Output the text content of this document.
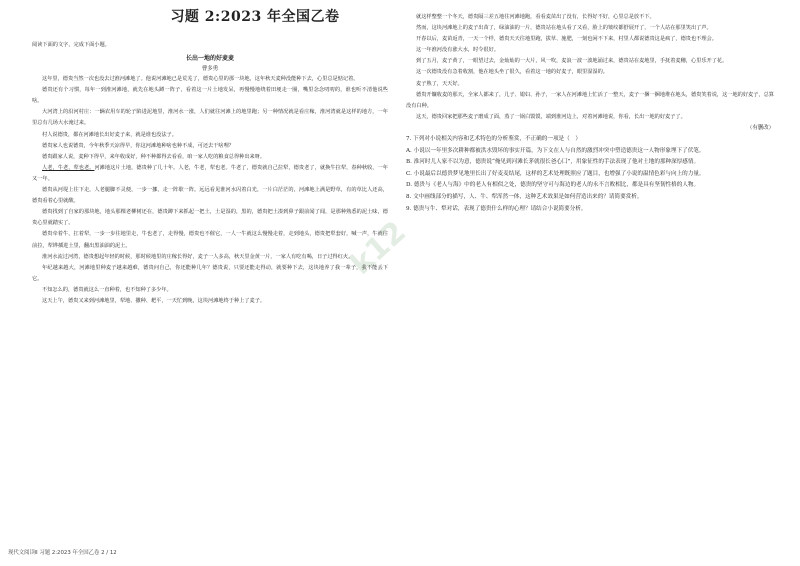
习题 2:2023 年全国乙卷

阅读下面的文字，完成下面小题。

长出一地的好麦麦
曹多勇

这年里，德贵当然一次也没去过淮河滩地了。他说河滩地已是荒芜了，德贵心里的那一块地，这年秋天麦种没能种下去，心里总是惦记着。

德贵还有个习惯，每年一到淮河滩地，就先在地头蹲一阵子，看着这一片土地发呆，再慢慢地绕着田埂走一圈，嘴里念念叨叨的，谁也听不清他说些啥。

大河湾上的沿河村庄：一辆农用车的轮子陷进泥地里，淮河水一涨，人们就往河滩上的地里跑；另一种情况就是看庄稼，淮河湾就是这样的地方，一年里总有几场大水淹过来。

村人说德贵，都在河滩地长出好麦子来，就是谁也没法子。

德贵家人也说德贵，今年秋季天凉得早，你这河滩地种啥也种不成，可还去干啥哩？

德贵跟家人说，麦种下得早，来年收成好，种不种都得去看看，咱一家人吃的粮食总得种出来呀。

人老，牛老，犁也老。河滩地这片土地，德贵种了几十年。人老，牛老，犁也老。牛老了，德贵就自己拉犁，德贵老了，就换牛拉犁，春种秋收，一年又一年。

德贵从河堤上往下走，人老腿脚不灵便，一步一挪，走一阵歇一阵。远远看见淮河水闪着白光，一片白茫茫的，河滩地上满是野草，有的草比人还高，德贵看着心里就酸。

德贵找到了自家的那块地，地头那棵老柳树还在，德贵蹲下来抓起一把土，土是湿的，黑的，德贵把土凑到鼻子跟前闻了闻，是那种熟悉的泥土味，德贵心里就踏实了。

德贵牵着牛，扛着犁，一步一步往地里走，牛也老了，走得慢，德贵也不催它，一人一牛就这么慢慢走着，走到地头，德贵把犁套好，喊一声，牛就往前拉，犁铧插进土里，翻出黑油油的泥土。

淮河水流过河湾，德贵想起年轻的时候，那时候地里的庄稼长得好，麦子一人多高，秋天里金黄一片，一家人有吃有喝，日子过得红火。

年纪越来越大，河滩地里种麦子越来越难，德贵问自己，你还能种几年？德贵说，只要还能走得动，就要种下去，这块地养了我一辈子，我不能丢下它。

不知怎么的，德贵就这么一直种着，也不知种了多少年。

这天上午，德贵又来到河滩地里，犁地、撒种、耙平，一天忙到晚，这块河滩地终于种上了麦子。

就这样整整一个冬天，德贵隔三差五地往河滩地跑，看看麦苗出了没有，长得好不好，心里总是放不下。

然而，这块河滩地上的麦子出苗了，绿油油的一片，德贵站在地头看了又看，脸上的皱纹都舒展开了，一个人站在那里笑出了声。

开春以后，麦苗返青，一天一个样，德贵天天往地里跑，拔草、施肥，一刻也闲不下来，村里人都说德贵这是疯了，德贵也不理会。

这一年淮河没有涨大水，时令很好。

到了五月，麦子黄了，一眼望过去，金灿灿的一大片，风一吹，麦浪一波一波地涌过来，德贵站在麦地里，手抚着麦穗，心里乐开了花。

这一次德贵没有急着收割，他在地头坐了很久，看着这一地的好麦子，眼里湿湿的。

麦子熟了，天天好。

德贵开镰收麦的那天，全家人都来了，儿子、媳妇、孙子，一家人在河滩地上忙活了一整天，麦子一捆一捆地堆在地头，德贵笑着说，这一地的好麦子，总算没有白种。

这天，德贵回家把那些麦子磨成了面，蒸了一锅白馍馍，端到淮河边上，对着河滩地说，你看，长出一地的好麦子了。

（有删改）

7. 下列对小说相关内容和艺术特色的分析鉴赏，不正确的一项是（　）

A. 小说以一年里多次耕种都被洪水毁坏的事实开篇，为下文在人与自然的激烈冲突中塑造德贵这一人物形象埋下了伏笔。

B. 淮河时儿人家不以为意，德贵说“俺见到河滩长茅就很长爸心囗”，用象征性的手法表现了他对土地的那种深厚感情。

C. 小说最后以德贵梦见地里长出了好麦麦结尾，这样的艺术处理既照应了题目，也增强了小说的温情色彩与向上的力量。

D. 德贵与《老人与海》中的老人有相似之处，德贵的坚守可与海边的老人的永不言败相比，都是具有坚韧性格的人物。

8. 文中画线部分的描写，人、牛、犁浑然一体，这种艺术效果是如何营造出来的？请简要赏析。

9. 德贵与牛、犁对话，表现了德贵什么样的心理？请结合小说简要分析。

k12
现代文阅读Ⅱ 习题 2:2023 年全国乙卷 2 / 12
